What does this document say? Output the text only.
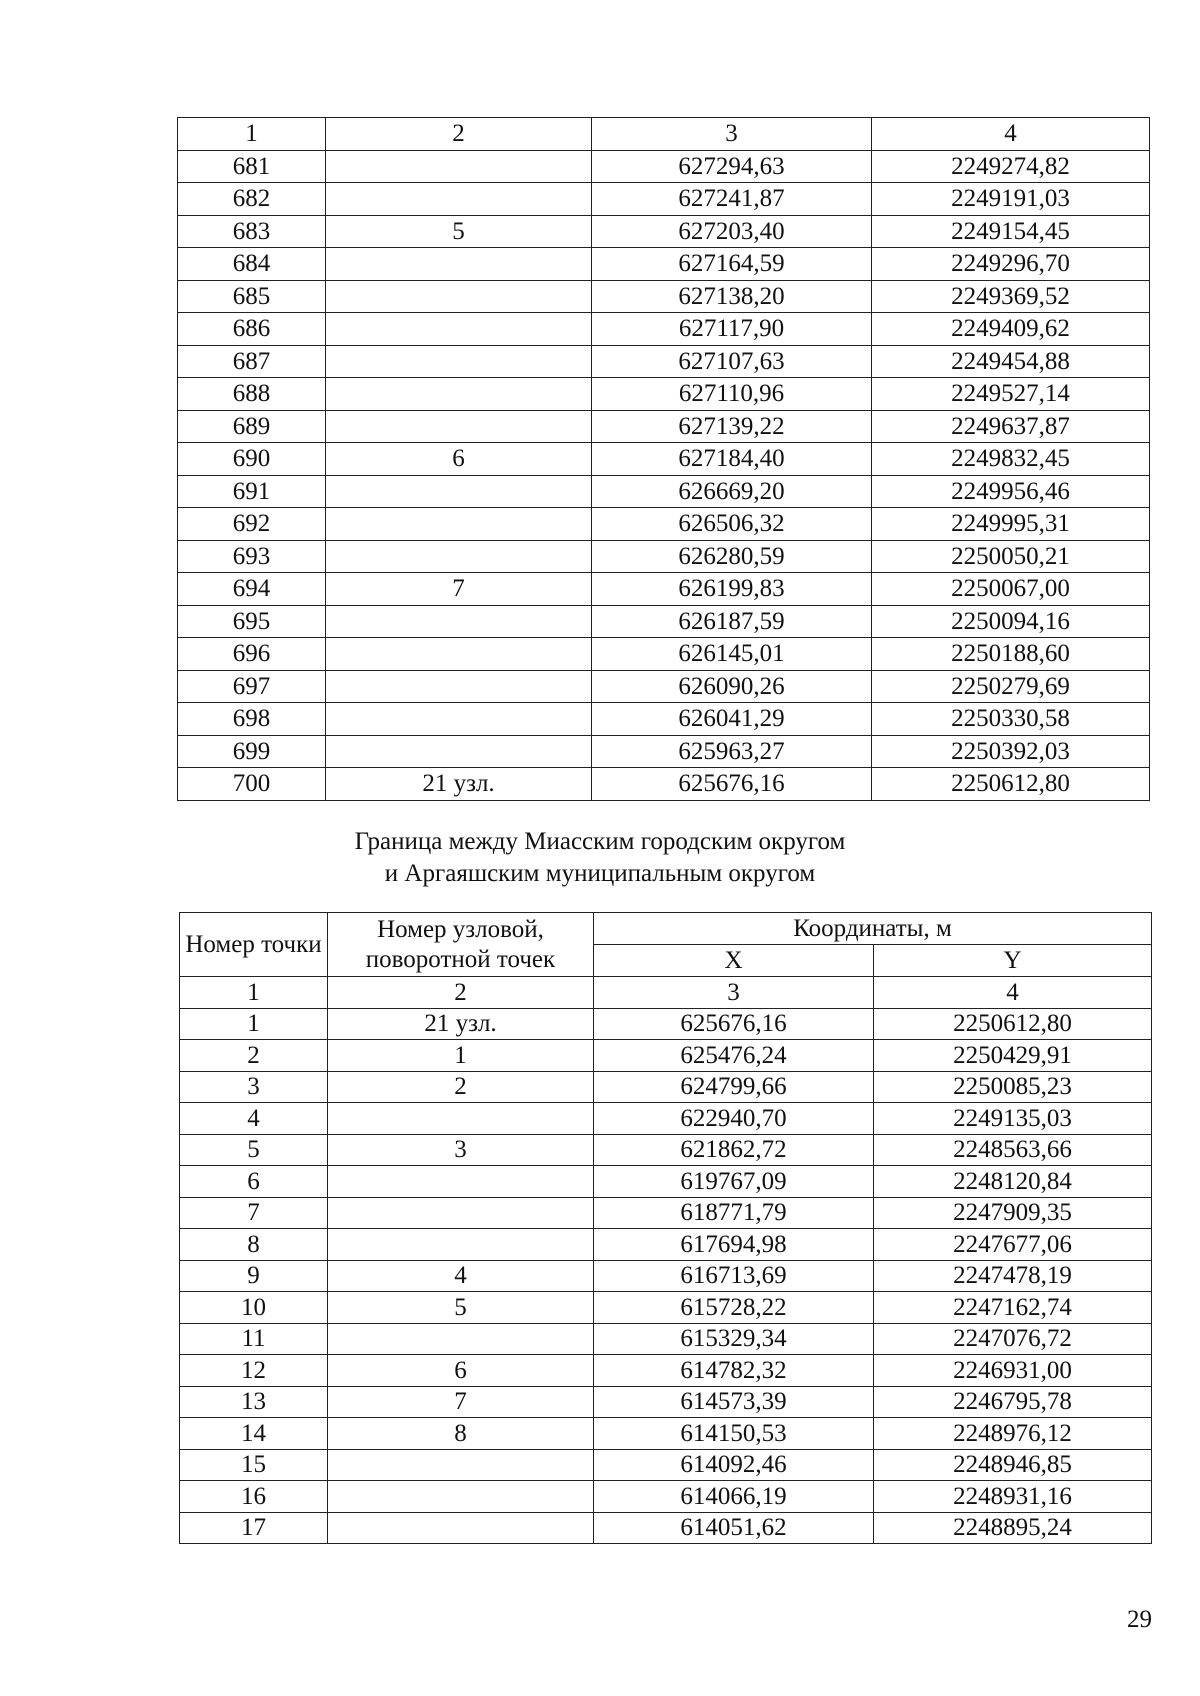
1	2	3	4
681		627294,63	2249274,82
682		627241,87	2249191,03
683	5	627203,40	2249154,45
684		627164,59	2249296,70
685		627138,20	2249369,52
686		627117,90	2249409,62
687		627107,63	2249454,88
688		627110,96	2249527,14
689		627139,22	2249637,87
690	6	627184,40	2249832,45
691		626669,20	2249956,46
692		626506,32	2249995,31
693		626280,59	2250050,21
694	7	626199,83	2250067,00
695		626187,59	2250094,16
696		626145,01	2250188,60
697		626090,26	2250279,69
698		626041,29	2250330,58
699		625963,27	2250392,03
700	21 узл.	625676,16	2250612,80
Граница между Миасским городским округом
и Аргаяшским муниципальным округом
Номер точки	Номер узловой, поворотной точек	Координаты, м	
		X	Y
1	2	3	4
1	21 узл.	625676,16	2250612,80
2	1	625476,24	2250429,91
3	2	624799,66	2250085,23
4		622940,70	2249135,03
5	3	621862,72	2248563,66
6		619767,09	2248120,84
7		618771,79	2247909,35
8		617694,98	2247677,06
9	4	616713,69	2247478,19
10	5	615728,22	2247162,74
11		615329,34	2247076,72
12	6	614782,32	2246931,00
13	7	614573,39	2246795,78
14	8	614150,53	2248976,12
15		614092,46	2248946,85
16		614066,19	2248931,16
17		614051,62	2248895,24
29
